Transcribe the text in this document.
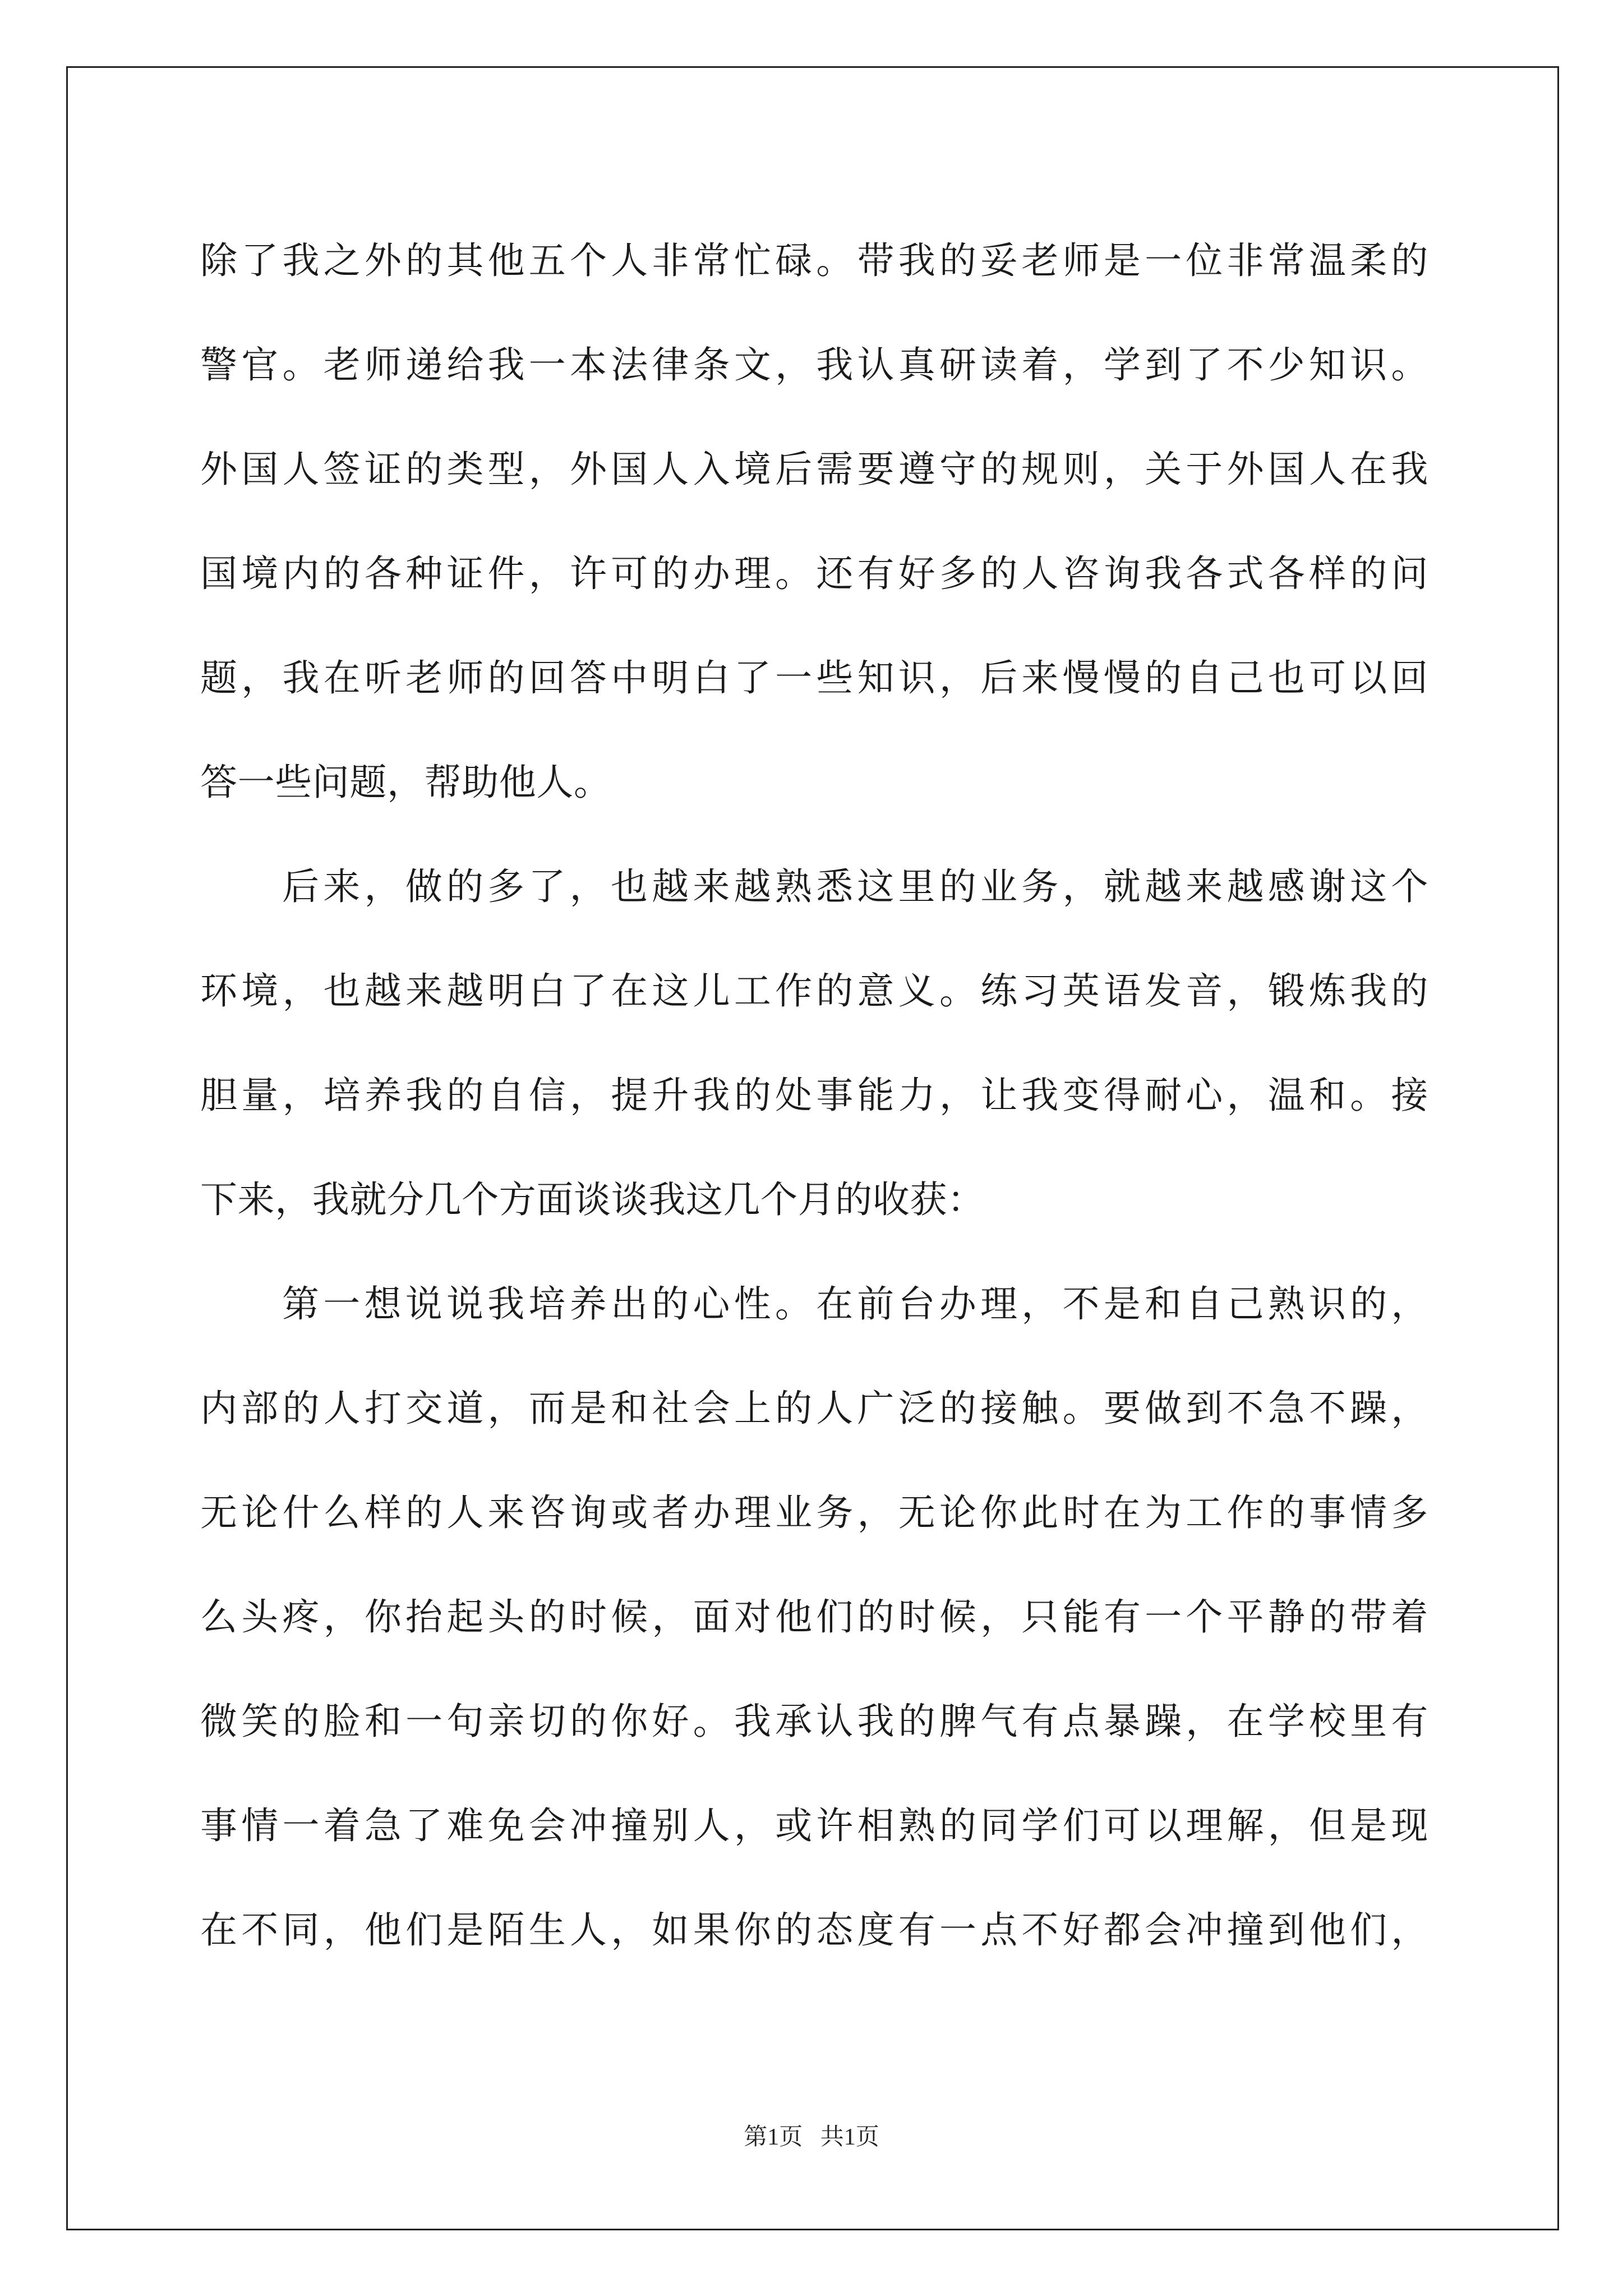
除了我之外的其他五个人非常忙碌。带我的妥老师是一位非常温柔的
警官。老师递给我一本法律条文，我认真研读着，学到了不少知识。
外国人签证的类型，外国人入境后需要遵守的规则，关于外国人在我
国境内的各种证件，许可的办理。还有好多的人咨询我各式各样的问
题，我在听老师的回答中明白了一些知识，后来慢慢的自己也可以回
答一些问题，帮助他人。
后来，做的多了，也越来越熟悉这里的业务，就越来越感谢这个
环境，也越来越明白了在这儿工作的意义。练习英语发音，锻炼我的
胆量，培养我的自信，提升我的处事能力，让我变得耐心，温和。接
下来，我就分几个方面谈谈我这几个月的收获：
第一想说说我培养出的心性。在前台办理，不是和自己熟识的，
内部的人打交道，而是和社会上的人广泛的接触。要做到不急不躁，
无论什么样的人来咨询或者办理业务，无论你此时在为工作的事情多
么头疼，你抬起头的时候，面对他们的时候，只能有一个平静的带着
微笑的脸和一句亲切的你好。我承认我的脾气有点暴躁，在学校里有
事情一着急了难免会冲撞别人，或许相熟的同学们可以理解，但是现
在不同，他们是陌生人，如果你的态度有一点不好都会冲撞到他们，
第1页   共1页
